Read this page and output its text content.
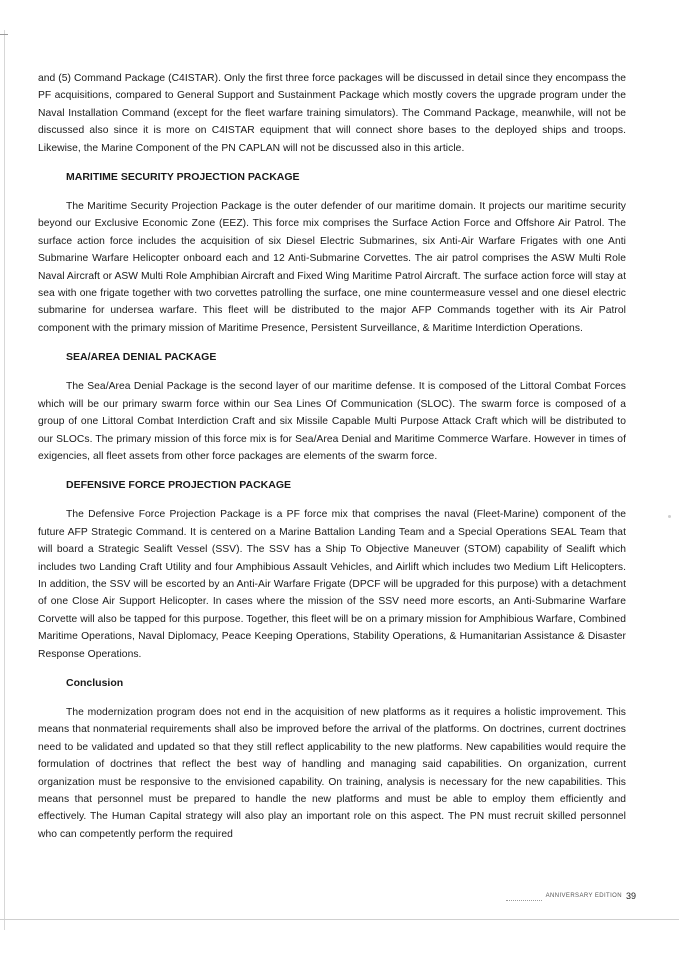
and (5) Command Package (C4ISTAR). Only the first three force packages will be discussed in detail since they encompass the PF acquisitions, compared to General Support and Sustainment Package which mostly covers the upgrade program under the Naval Installation Command (except for the fleet warfare training simulators). The Command Package, meanwhile, will not be discussed also since it is more on C4ISTAR equipment that will connect shore bases to the deployed ships and troops. Likewise, the Marine Component of the PN CAPLAN will not be discussed also in this article.

MARITIME SECURITY PROJECTION PACKAGE

The Maritime Security Projection Package is the outer defender of our maritime domain. It projects our maritime security beyond our Exclusive Economic Zone (EEZ). This force mix comprises the Surface Action Force and Offshore Air Patrol. The surface action force includes the acquisition of six Diesel Electric Submarines, six Anti-Air Warfare Frigates with one Anti Submarine Warfare Helicopter onboard each and 12 Anti-Submarine Corvettes. The air patrol comprises the ASW Multi Role Naval Aircraft or ASW Multi Role Amphibian Aircraft and Fixed Wing Maritime Patrol Aircraft. The surface action force will stay at sea with one frigate together with two corvettes patrolling the surface, one mine countermeasure vessel and one diesel electric submarine for undersea warfare. This fleet will be distributed to the major AFP Commands together with its Air Patrol component with the primary mission of Maritime Presence, Persistent Surveillance, & Maritime Interdiction Operations.

SEA/AREA DENIAL PACKAGE

The Sea/Area Denial Package is the second layer of our maritime defense. It is composed of the Littoral Combat Forces which will be our primary swarm force within our Sea Lines Of Communication (SLOC). The swarm force is composed of a group of one Littoral Combat Interdiction Craft and six Missile Capable Multi Purpose Attack Craft which will be distributed to our SLOCs. The primary mission of this force mix is for Sea/Area Denial and Maritime Commerce Warfare. However in times of exigencies, all fleet assets from other force packages are elements of the swarm force.

DEFENSIVE FORCE PROJECTION PACKAGE

The Defensive Force Projection Package is a PF force mix that comprises the naval (Fleet-Marine) component of the future AFP Strategic Command. It is centered on a Marine Battalion Landing Team and a Special Operations SEAL Team that will board a Strategic Sealift Vessel (SSV). The SSV has a Ship To Objective Maneuver (STOM) capability of Sealift which includes two Landing Craft Utility and four Amphibious Assault Vehicles, and Airlift which includes two Medium Lift Helicopters. In addition, the SSV will be escorted by an Anti-Air Warfare Frigate (DPCF will be upgraded for this purpose) with a detachment of one Close Air Support Helicopter. In cases where the mission of the SSV need more escorts, an Anti-Submarine Warfare Corvette will also be tapped for this purpose. Together, this fleet will be on a primary mission for Amphibious Warfare, Combined Maritime Operations, Naval Diplomacy, Peace Keeping Operations, Stability Operations, & Humanitarian Assistance & Disaster Response Operations.

Conclusion

The modernization program does not end in the acquisition of new platforms as it requires a holistic improvement. This means that nonmaterial requirements shall also be improved before the arrival of the platforms. On doctrines, current doctrines need to be validated and updated so that they still reflect applicability to the new platforms. New capabilities would require the formulation of doctrines that reflect the best way of handling and managing said capabilities. On organization, current organization must be responsive to the envisioned capability. On training, analysis is necessary for the new capabilities. This means that personnel must be prepared to handle the new platforms and must be able to employ them efficiently and effectively. The Human Capital strategy will also play an important role on this aspect. The PN must recruit skilled personnel who can competently perform the required

ANNIVERSARY EDITION 39
